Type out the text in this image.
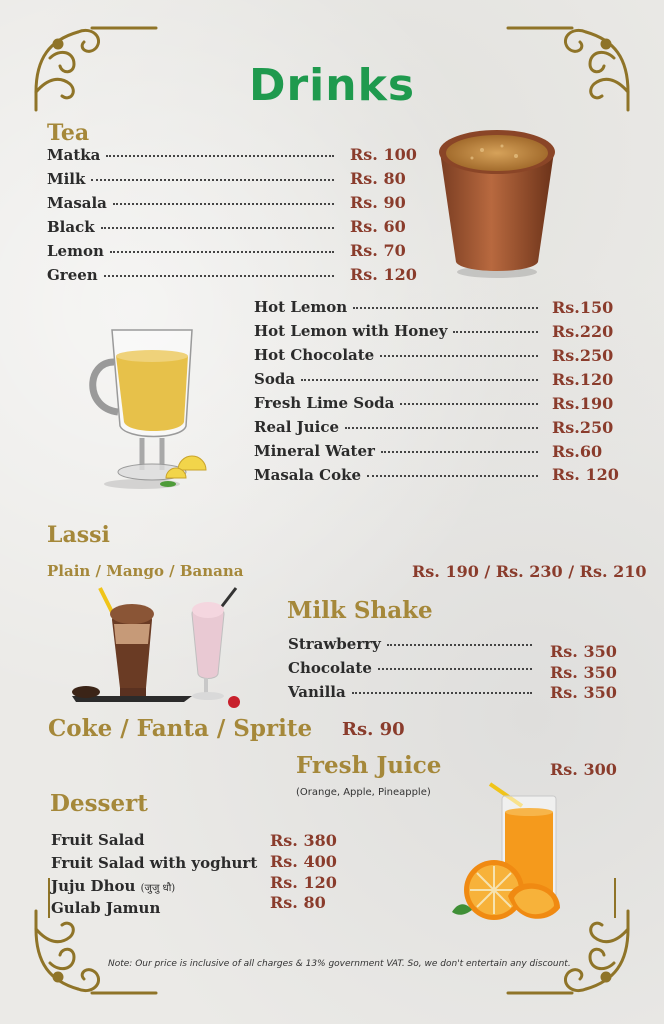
Drinks
Tea
Matka
Milk
Masala
Black
Lemon
Green
Rs. 100
Rs. 80
Rs. 90
Rs. 60
Rs. 70
Rs. 120
Hot Lemon
Hot Lemon with Honey
Hot Chocolate
Soda
Fresh Lime Soda
Real Juice
Mineral Water
Masala Coke
Rs.150
Rs.220
Rs.250
Rs.120
Rs.190
Rs.250
Rs.60
Rs. 120
Lassi
Plain / Mango / Banana	Rs. 190 / Rs. 230 / Rs. 210
Milk Shake
Strawberry
Chocolate
Vanilla
Rs. 350
Rs. 350
Rs. 350
Coke / Fanta / Sprite Rs. 90
Fresh Juice	Rs. 300
(Orange, Apple, Pineapple)
Dessert
Fruit Salad
Fruit Salad with yoghurt
Juju Dhou (जुजु धौ)
Gulab Jamun
Rs. 380
Rs. 400
Rs. 120
Rs. 80
Note: Our price is inclusive of all charges & 13% government VAT. So, we don't entertain any discount.
